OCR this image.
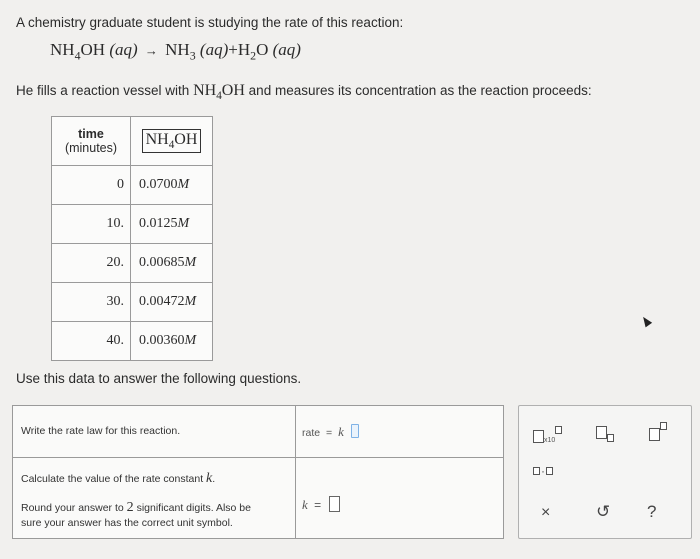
A chemistry graduate student is studying the rate of this reaction:
$NH_4OH$ $(aq) \to NH_3$ $(aq)+H_2O$ (aq)
He fills a reaction vessel with $NH_4OH$ and measures its concentration as the reaction proceeds:
time
(minutes)	$NH_4OH$
0	0.0700M
10.	0.0125M
20.	0.00685M
30.	0.00472M
40.	0.00360M
Use this data to answer the following questions.
Write the rate law for this reaction.	rate = k
Calculate the value of the rate constant k.
Round your answer to 2 significant digits. Also be
sure your answer has the correct unit symbol.
k =
x10
·
×	↺ ?
